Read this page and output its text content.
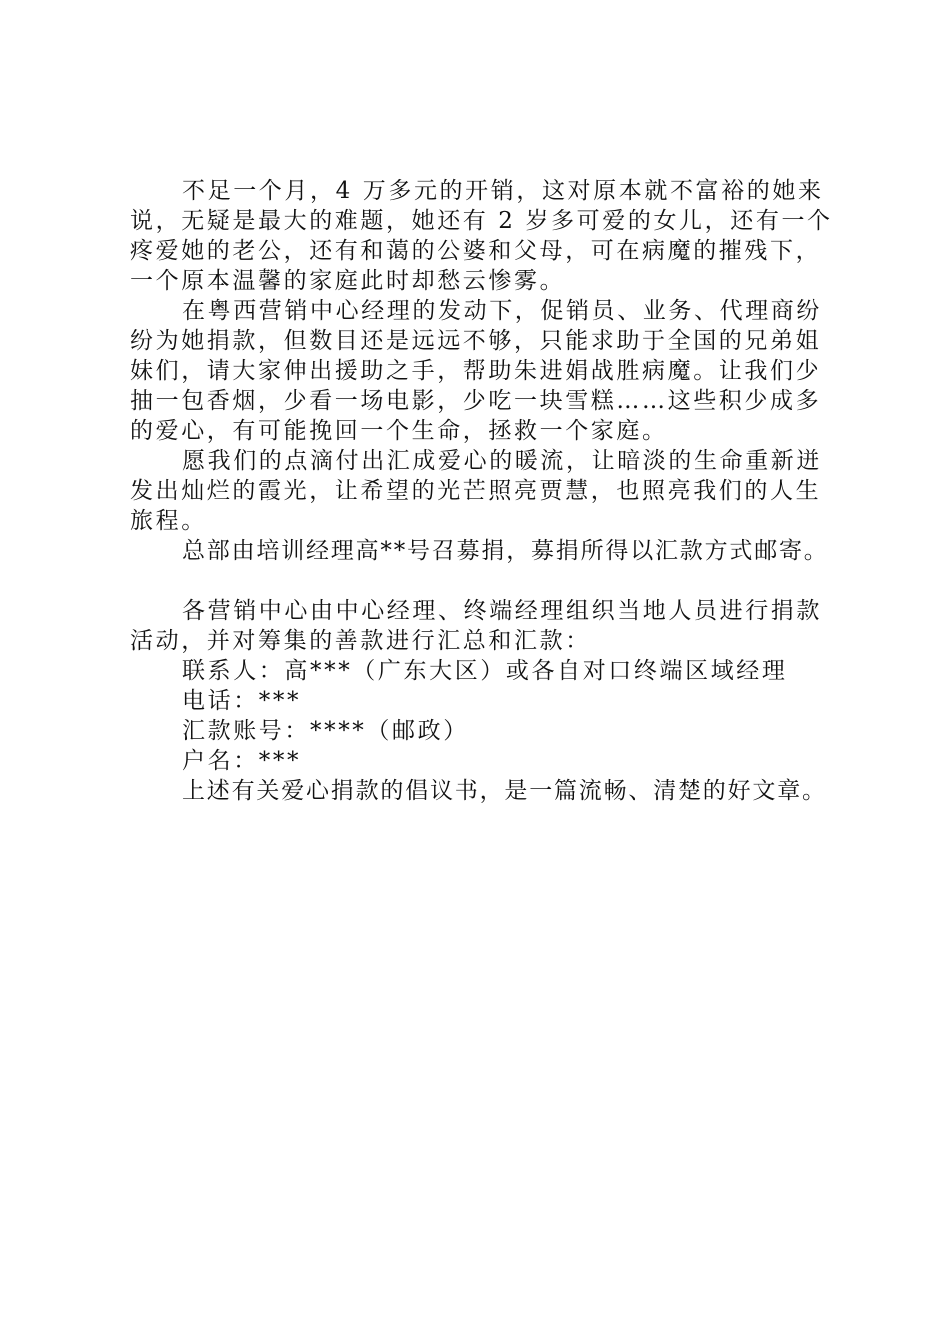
不足一个月，4 万多元的开销，这对原本就不富裕的她来
说，无疑是最大的难题，她还有 2 岁多可爱的女儿，还有一个
疼爱她的老公，还有和蔼的公婆和父母，可在病魔的摧残下，
一个原本温馨的家庭此时却愁云惨雾。
在粤西营销中心经理的发动下，促销员、业务、代理商纷
纷为她捐款，但数目还是远远不够，只能求助于全国的兄弟姐
妹们，请大家伸出援助之手，帮助朱进娟战胜病魔。让我们少
抽一包香烟，少看一场电影，少吃一块雪糕……这些积少成多
的爱心，有可能挽回一个生命，拯救一个家庭。
愿我们的点滴付出汇成爱心的暖流，让暗淡的生命重新迸
发出灿烂的霞光，让希望的光芒照亮贾慧，也照亮我们的人生
旅程。
总部由培训经理高**号召募捐，募捐所得以汇款方式邮寄。
各营销中心由中心经理、终端经理组织当地人员进行捐款
活动，并对筹集的善款进行汇总和汇款：
联系人：高***（广东大区）或各自对口终端区域经理
电话：***
汇款账号：****（邮政）
户名：***
上述有关爱心捐款的倡议书，是一篇流畅、清楚的好文章。
